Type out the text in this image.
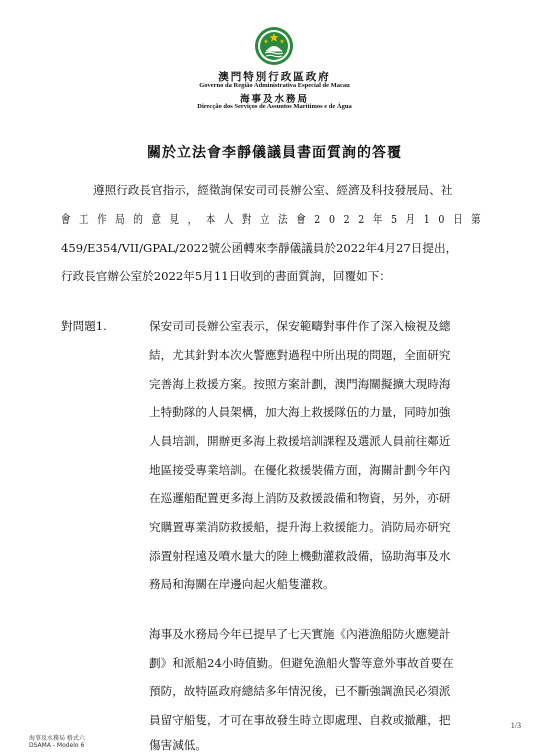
澳門特別行政區政府
Governo da Região Administrativa Especial de Macau
海事及水務局
Direcção dos Serviços de Assuntos Marítimos e de Água
關於立法會李靜儀議員書面質詢的答覆
遵照行政長官指示，經徵詢保安司司長辦公室、經濟及科技發展局、社
會工作局的意見，本人對立法會2022年5月10日第
459/E354/VII/GPAL/2022號公函轉來李靜儀議員於2022年4月27日提出，
行政長官辦公室於2022年5月11日收到的書面質詢，回覆如下：
對問題1.	保安司司長辦公室表示，保安範疇對事件作了深入檢視及總
結，尤其針對本次火警應對過程中所出現的問題，全面研究
完善海上救援方案。按照方案計劃，澳門海關擬擴大現時海
上特動隊的人員架構，加大海上救援隊伍的力量，同時加強
人員培訓，開辦更多海上救援培訓課程及選派人員前往鄰近
地區接受專業培訓。在優化救援裝備方面，海關計劃今年內
在巡邏船配置更多海上消防及救援設備和物資，另外，亦研
究購置專業消防救援船，提升海上救援能力。消防局亦研究
添置射程遠及噴水量大的陸上機動灌救設備，協助海事及水
務局和海關在岸邊向起火船隻灌救。
海事及水務局今年已提早了七天實施《內港漁船防火應變計
劃》和派船24小時值勤。但避免漁船火警等意外事故首要在
預防，故特區政府總結多年情況後，已不斷強調漁民必須派
員留守船隻，才可在事故發生時立即處理、自救或撤離，把
傷害減低。
1/3
海事及水務局 格式六
DSAMA - Modelo 6
